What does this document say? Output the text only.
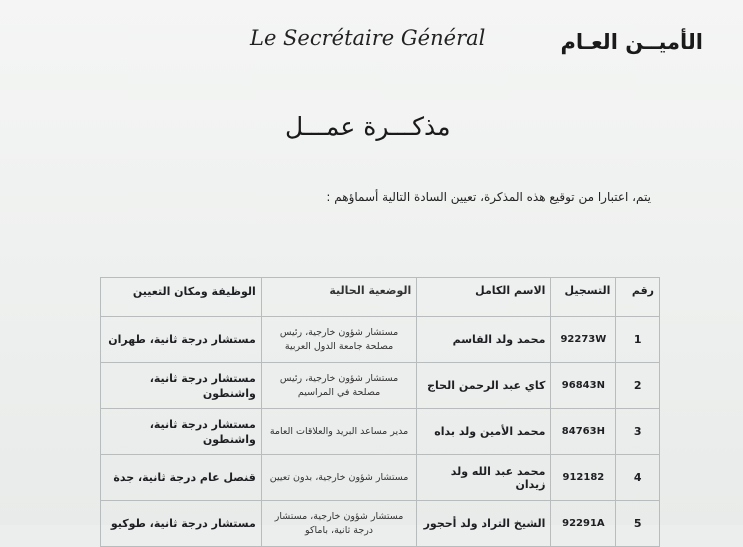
Le Secrétaire Général	الأميــن العـام
مذكـــرة عمـــل
يتم، اعتبارا من توقيع هذه المذكرة، تعيين السادة التالية أسماؤهم :
رقم	التسجيل	الاسم الكامل	الوضعية الحالية	الوظيفة ومكان التعيين
1	92273W	محمد ولد القاسم	مستشار شؤون خارجية، رئيس مصلحة جامعة الدول العربية	مستشار درجة ثانية، طهران
2	96843N	كاي عبد الرحمن الحاج	مستشار شؤون خارجية، رئيس مصلحة في المراسيم	مستشار درجة ثانية، واشنطون
3	84763H	محمد الأمين ولد بداه	مدير مساعد البريد والعلاقات العامة	مستشار درجة ثانية، واشنطون
4	912182	محمد عبد الله ولد زيدان	مستشار شؤون خارجية، بدون تعيين	قنصل عام درجة ثانية، جدة
5	92291A	الشيخ التراد ولد أحجور	مستشار شؤون خارجية، مستشار درجة ثانية، باماكو	مستشار درجة ثانية، طوكيو
